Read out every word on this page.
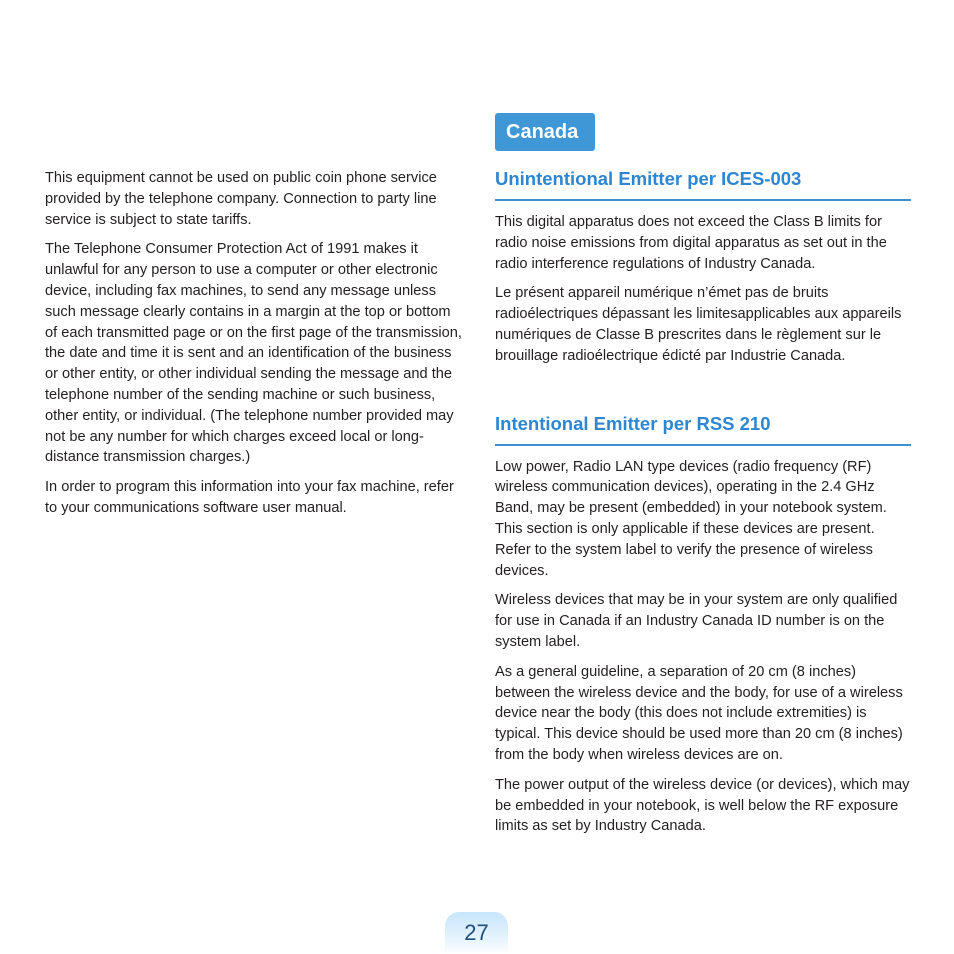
This equipment cannot be used on public coin phone service provided by the telephone company. Connection to party line service is subject to state tariffs.

The Telephone Consumer Protection Act of 1991 makes it unlawful for any person to use a computer or other electronic device, including fax machines, to send any message unless such message clearly contains in a margin at the top or bottom of each transmitted page or on the first page of the transmission, the date and time it is sent and an identification of the business or other entity, or other individual sending the message and the telephone number of the sending machine or such business, other entity, or individual. (The telephone number provided may not be any number for which charges exceed local or long-distance transmission charges.)

In order to program this information into your fax machine, refer to your communications software user manual.

Canada
Unintentional Emitter per ICES-003

This digital apparatus does not exceed the Class B limits for radio noise emissions from digital apparatus as set out in the radio interference regulations of Industry Canada.

Le présent appareil numérique n’émet pas de bruits radioélectriques dépassant les limitesapplicables aux appareils numériques de Classe B prescrites dans le règlement sur le brouillage radioélectrique édicté par Industrie Canada.

Intentional Emitter per RSS 210

Low power, Radio LAN type devices (radio frequency (RF) wireless communication devices), operating in the 2.4 GHz Band, may be present (embedded) in your notebook system. This section is only applicable if these devices are present. Refer to the system label to verify the presence of wireless devices.

Wireless devices that may be in your system are only qualified for use in Canada if an Industry Canada ID number is on the system label.

As a general guideline, a separation of 20 cm (8 inches) between the wireless device and the body, for use of a wireless device near the body (this does not include extremities) is typical. This device should be used more than 20 cm (8 inches) from the body when wireless devices are on.

The power output of the wireless device (or devices), which may be embedded in your notebook, is well below the RF exposure limits as set by Industry Canada.

27
